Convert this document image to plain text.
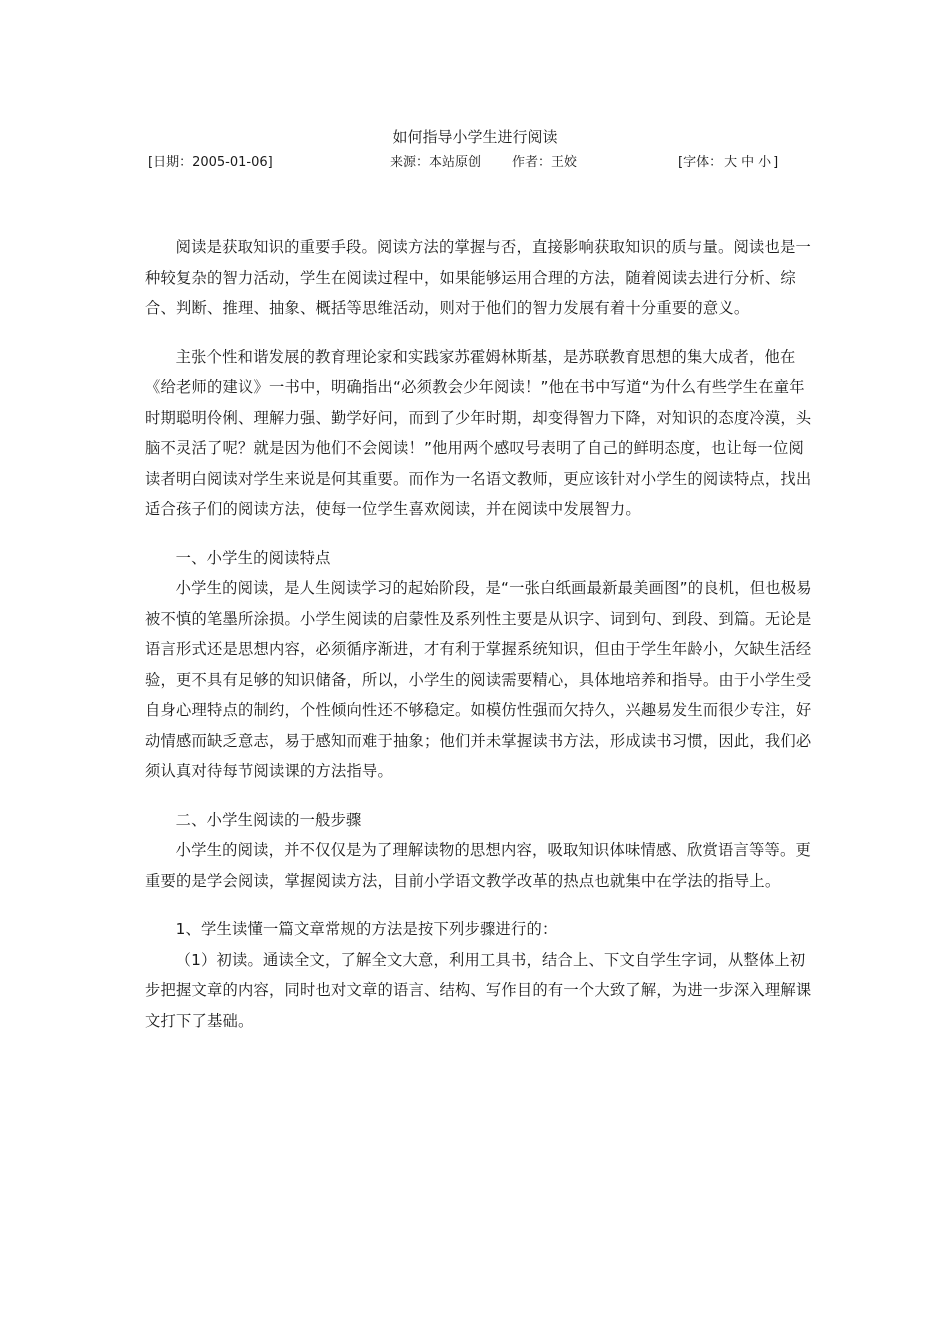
如何指导小学生进行阅读
[日期：2005-01-06]	来源：本站原创 作者：王姣	[字体： 大 中 小 ]

阅读是获取知识的重要手段。阅读方法的掌握与否，直接影响获取知识的质与量。阅读也是一种较复杂的智力活动，学生在阅读过程中，如果能够运用合理的方法，随着阅读去进行分析、综合、判断、推理、抽象、概括等思维活动，则对于他们的智力发展有着十分重要的意义。

主张个性和谐发展的教育理论家和实践家苏霍姆林斯基，是苏联教育思想的集大成者，他在《给老师的建议》一书中，明确指出“必须教会少年阅读！”他在书中写道“为什么有些学生在童年时期聪明伶俐、理解力强、勤学好问，而到了少年时期，却变得智力下降，对知识的态度冷漠，头脑不灵活了呢？就是因为他们不会阅读！”他用两个感叹号表明了自己的鲜明态度，也让每一位阅读者明白阅读对学生来说是何其重要。而作为一名语文教师，更应该针对小学生的阅读特点，找出适合孩子们的阅读方法，使每一位学生喜欢阅读，并在阅读中发展智力。

一、小学生的阅读特点

小学生的阅读，是人生阅读学习的起始阶段，是“一张白纸画最新最美画图”的良机，但也极易被不慎的笔墨所涂损。小学生阅读的启蒙性及系列性主要是从识字、词到句、到段、到篇。无论是语言形式还是思想内容，必须循序渐进，才有利于掌握系统知识，但由于学生年龄小，欠缺生活经验，更不具有足够的知识储备，所以，小学生的阅读需要精心，具体地培养和指导。由于小学生受自身心理特点的制约，个性倾向性还不够稳定。如模仿性强而欠持久，兴趣易发生而很少专注，好动情感而缺乏意志，易于感知而难于抽象；他们并未掌握读书方法，形成读书习惯，因此，我们必须认真对待每节阅读课的方法指导。

二、小学生阅读的一般步骤

小学生的阅读，并不仅仅是为了理解读物的思想内容，吸取知识体味情感、欣赏语言等等。更重要的是学会阅读，掌握阅读方法，目前小学语文教学改革的热点也就集中在学法的指导上。

1、学生读懂一篇文章常规的方法是按下列步骤进行的：

（1）初读。通读全文，了解全文大意，利用工具书，结合上、下文自学生字词，从整体上初步把握文章的内容，同时也对文章的语言、结构、写作目的有一个大致了解，为进一步深入理解课文打下了基础。
